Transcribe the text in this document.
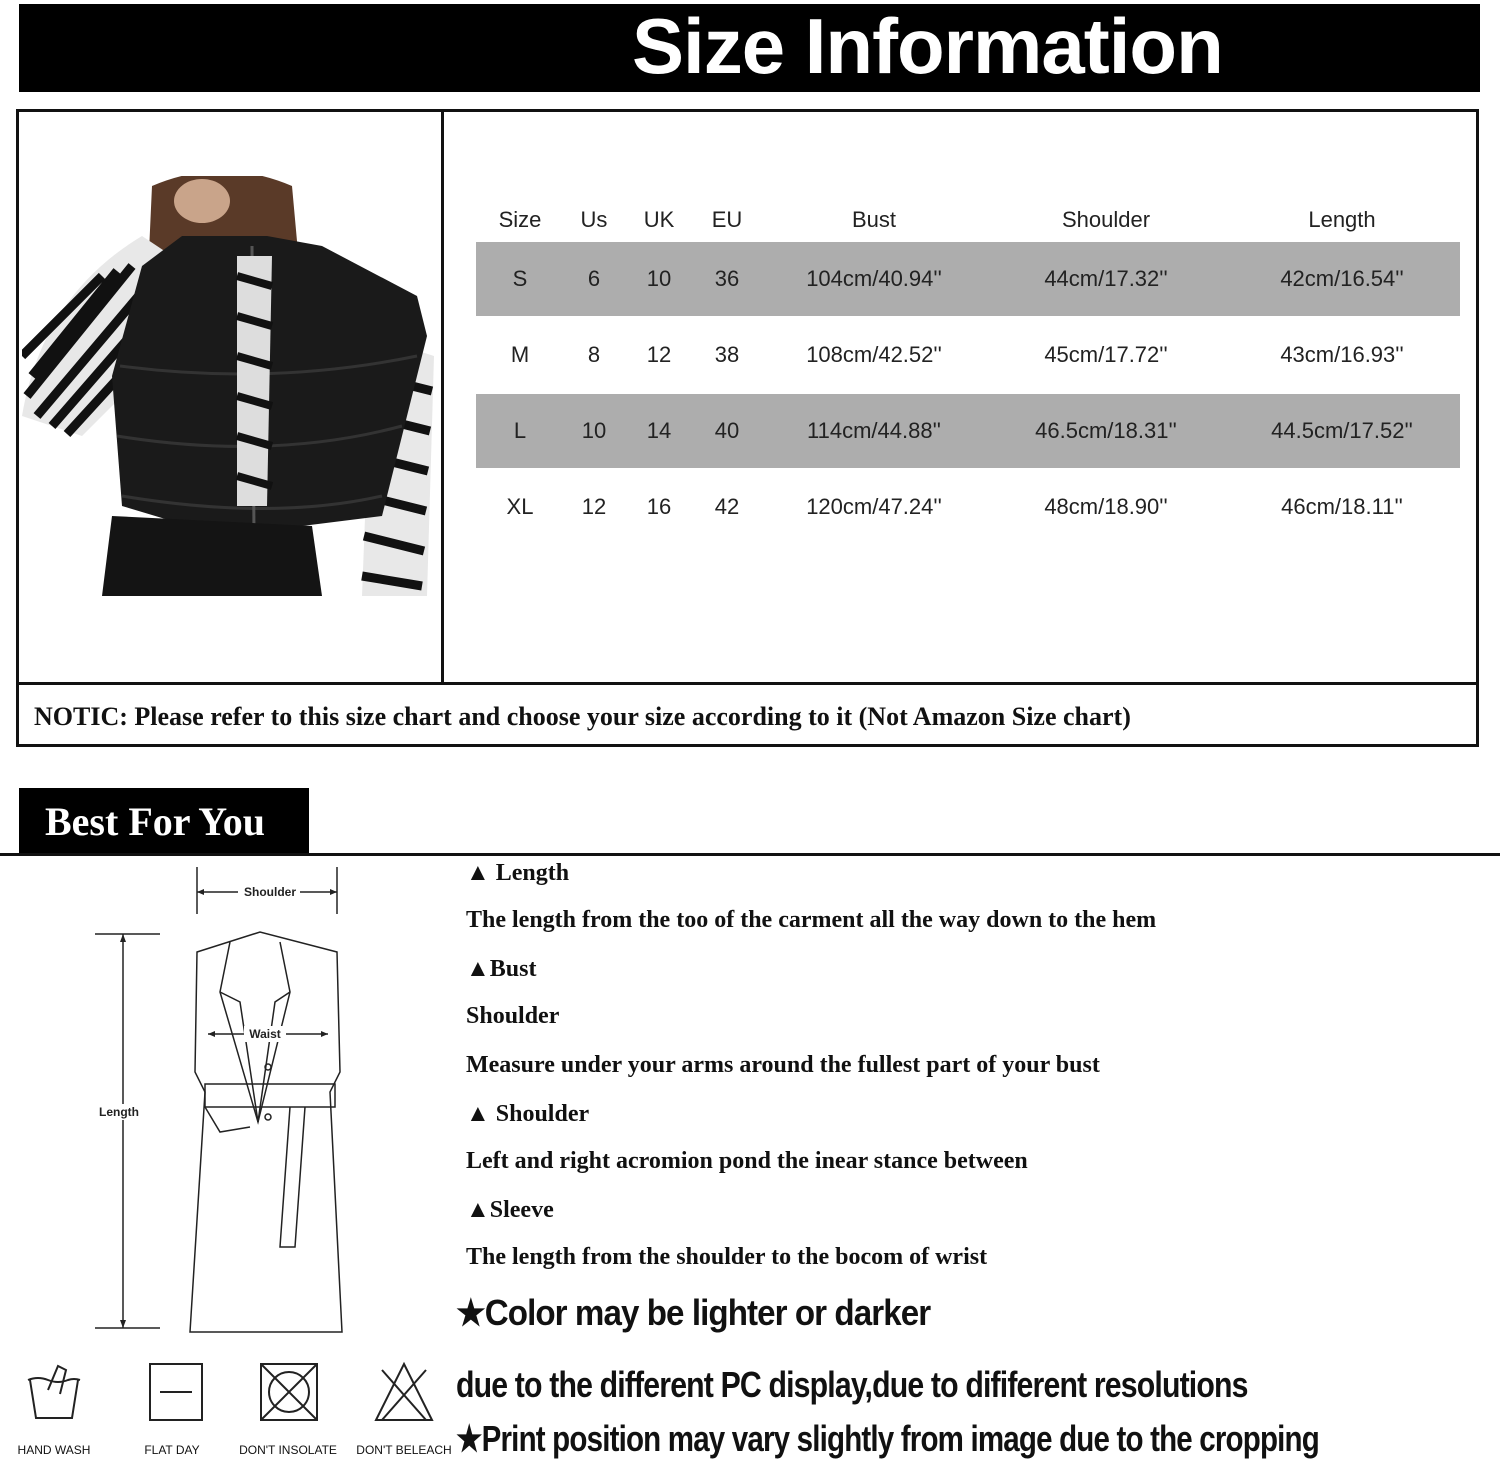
Size Information
Size	Us	UK	EU	Bust	Shoulder	Length
S	6	10	36	104cm/40.94''	44cm/17.32''	42cm/16.54''
M	8	12	38	108cm/42.52''	45cm/17.72''	43cm/16.93''
L	10	14	40	114cm/44.88''	46.5cm/18.31''	44.5cm/17.52''
XL	12	16	42	120cm/47.24''	48cm/18.90''	46cm/18.11''
NOTIC: Please refer to this size chart and choose your size according to it (Not Amazon Size chart)
Best For You
Shoulder
Waist
Length
HAND WASH	FLAT DAY	DON'T INSOLATE	DON'T BELEACH
▲ Length
The length from the too of the carment all the way down to the hem
▲Bust
Shoulder
Measure under your arms around the fullest part of your bust
▲ Shoulder
Left and right acromion pond the inear stance between
▲Sleeve
The length from the shoulder to the bocom of wrist
★Color may be lighter or darker
due to the different PC display,due to dififerent resolutions
★Print position may vary slightly from image due to the cropping
